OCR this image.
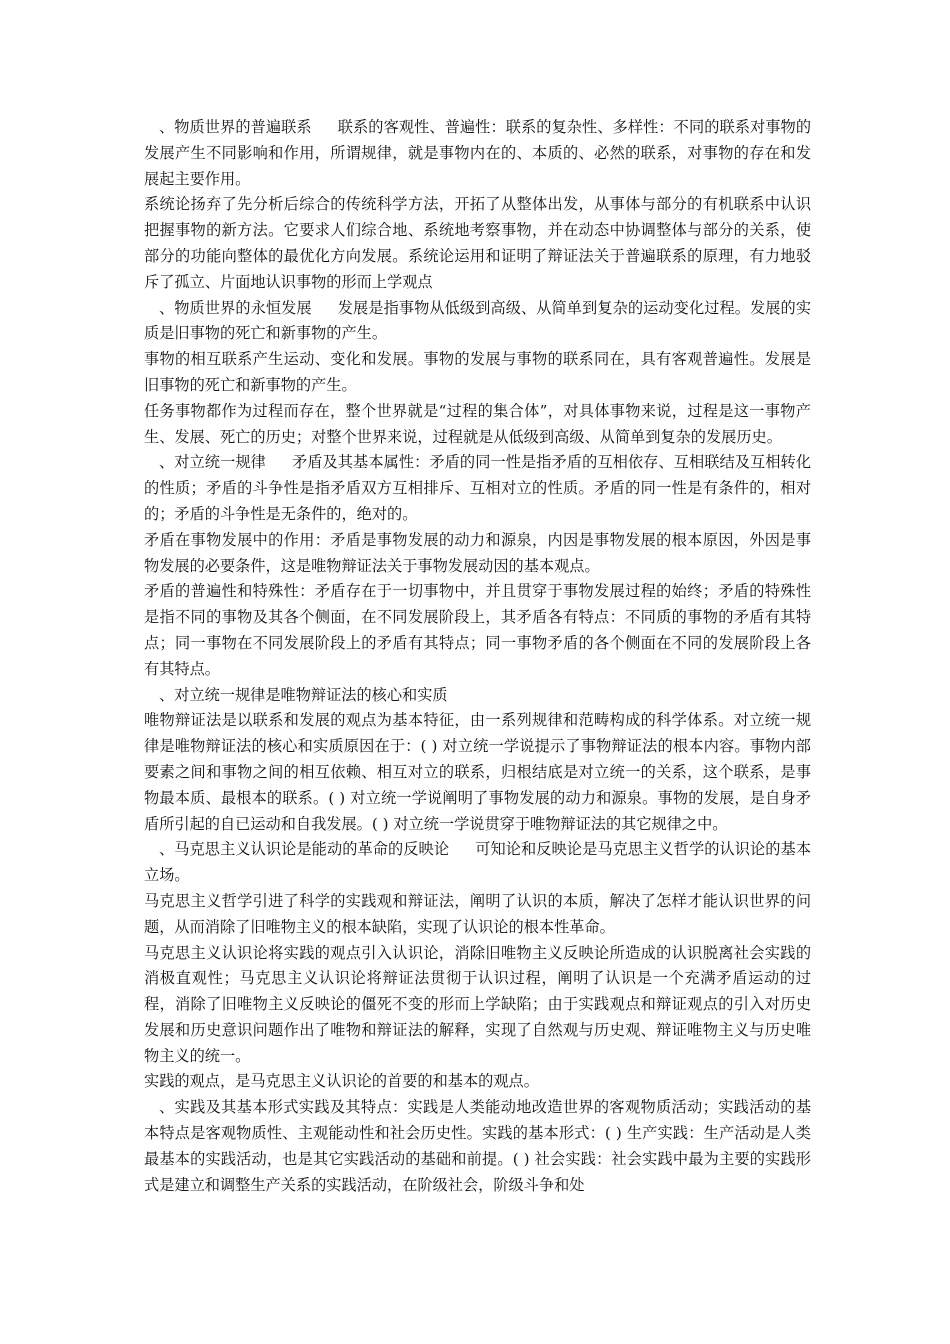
、物质世界的普遍联系 联系的客观性、普遍性：联系的复杂性、多样性：不同的联系对事物的发展产生不同影响和作用，所谓规律，就是事物内在的、本质的、必然的联系，对事物的存在和发展起主要作用。

系统论扬弃了先分析后综合的传统科学方法，开拓了从整体出发，从事体与部分的有机联系中认识把握事物的新方法。它要求人们综合地、系统地考察事物，并在动态中协调整体与部分的关系，使部分的功能向整体的最优化方向发展。系统论运用和证明了辩证法关于普遍联系的原理，有力地驳斥了孤立、片面地认识事物的形而上学观点

、物质世界的永恒发展 发展是指事物从低级到高级、从简单到复杂的运动变化过程。发展的实质是旧事物的死亡和新事物的产生。

事物的相互联系产生运动、变化和发展。事物的发展与事物的联系同在，具有客观普遍性。发展是旧事物的死亡和新事物的产生。

任务事物都作为过程而存在，整个世界就是“过程的集合体”，对具体事物来说，过程是这一事物产生、发展、死亡的历史；对整个世界来说，过程就是从低级到高级、从简单到复杂的发展历史。

、对立统一规律 矛盾及其基本属性：矛盾的同一性是指矛盾的互相依存、互相联结及互相转化的性质；矛盾的斗争性是指矛盾双方互相排斥、互相对立的性质。矛盾的同一性是有条件的，相对的；矛盾的斗争性是无条件的，绝对的。

矛盾在事物发展中的作用：矛盾是事物发展的动力和源泉，内因是事物发展的根本原因，外因是事物发展的必要条件，这是唯物辩证法关于事物发展动因的基本观点。

矛盾的普遍性和特殊性：矛盾存在于一切事物中，并且贯穿于事物发展过程的始终；矛盾的特殊性是指不同的事物及其各个侧面，在不同发展阶段上，其矛盾各有特点：不同质的事物的矛盾有其特点；同一事物在不同发展阶段上的矛盾有其特点；同一事物矛盾的各个侧面在不同的发展阶段上各有其特点。

、对立统一规律是唯物辩证法的核心和实质

唯物辩证法是以联系和发展的观点为基本特征，由一系列规律和范畴构成的科学体系。对立统一规律是唯物辩证法的核心和实质原因在于：( ) 对立统一学说提示了事物辩证法的根本内容。事物内部要素之间和事物之间的相互依赖、相互对立的联系，归根结底是对立统一的关系，这个联系，是事物最本质、最根本的联系。( ) 对立统一学说阐明了事物发展的动力和源泉。事物的发展，是自身矛盾所引起的自已运动和自我发展。( ) 对立统一学说贯穿于唯物辩证法的其它规律之中。

、马克思主义认识论是能动的革命的反映论 可知论和反映论是马克思主义哲学的认识论的基本立场。

马克思主义哲学引进了科学的实践观和辩证法，阐明了认识的本质，解决了怎样才能认识世界的问题，从而消除了旧唯物主义的根本缺陷，实现了认识论的根本性革命。

马克思主义认识论将实践的观点引入认识论，消除旧唯物主义反映论所造成的认识脱离社会实践的消极直观性；马克思主义认识论将辩证法贯彻于认识过程，阐明了认识是一个充满矛盾运动的过程，消除了旧唯物主义反映论的僵死不变的形而上学缺陷；由于实践观点和辩证观点的引入对历史发展和历史意识问题作出了唯物和辩证法的解释，实现了自然观与历史观、辩证唯物主义与历史唯物主义的统一。

实践的观点，是马克思主义认识论的首要的和基本的观点。

、实践及其基本形式实践及其特点：实践是人类能动地改造世界的客观物质活动；实践活动的基本特点是客观物质性、主观能动性和社会历史性。实践的基本形式：( ) 生产实践：生产活动是人类最基本的实践活动，也是其它实践活动的基础和前提。( ) 社会实践：社会实践中最为主要的实践形式是建立和调整生产关系的实践活动，在阶级社会，阶级斗争和处
